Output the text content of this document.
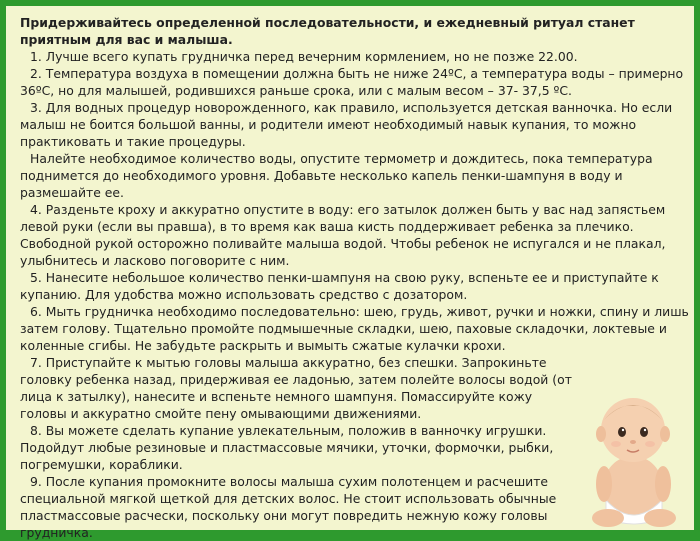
Придерживайтесь определенной последовательности, и ежедневный ритуал станет приятным для вас и малыша.

1. Лучше всего купать грудничка перед вечерним кормлением, но не позже 22.00.

2. Температура воздуха в помещении должна быть не ниже 24ºС, а температура воды – примерно 36ºС, но для малышей, родившихся раньше срока, или с малым весом – 37- 37,5 ºС.

3. Для водных процедур новорожденного, как правило, используется детская ванночка. Но если малыш не боится большой ванны, и родители имеют необходимый навык купания, то можно практиковать и такие процедуры.

Налейте необходимое количество воды, опустите термометр и дождитесь, пока температура поднимется до необходимого уровня. Добавьте несколько капель пенки-шампуня в воду и размешайте ее.

4. Разденьте кроху и аккуратно опустите в воду: его затылок должен быть у вас над запястьем левой руки (если вы правша), в то время как ваша кисть поддерживает ребенка за плечико. Свободной рукой осторожно поливайте малыша водой. Чтобы ребенок не испугался и не плакал, улыбнитесь и ласково поговорите с ним.

5. Нанесите небольшое количество пенки-шампуня на свою руку, вспеньте ее и приступайте к купанию. Для удобства можно использовать средство с дозатором.

6. Мыть грудничка необходимо последовательно: шею, грудь, живот, ручки и ножки, спину и лишь затем голову. Тщательно промойте подмышечные складки, шею, паховые складочки, локтевые и коленные сгибы. Не забудьте раскрыть и вымыть сжатые кулачки крохи.

7. Приступайте к мытью головы малыша аккуратно, без спешки. Запрокиньте головку ребенка назад, придерживая ее ладонью, затем полейте волосы водой (от лица к затылку), нанесите и вспеньте немного шампуня. Помассируйте кожу головы и аккуратно смойте пену омывающими движениями.

8. Вы можете сделать купание увлекательным, положив в ванночку игрушки. Подойдут любые резиновые и пластмассовые мячики, уточки, формочки, рыбки, погремушки, кораблики.

9. После купания промокните волосы малыша сухим полотенцем и расчешите специальной мягкой щеткой для детских волос. Не стоит использовать обычные пластмассовые расчески, поскольку они могут повредить нежную кожу головы грудничка.
